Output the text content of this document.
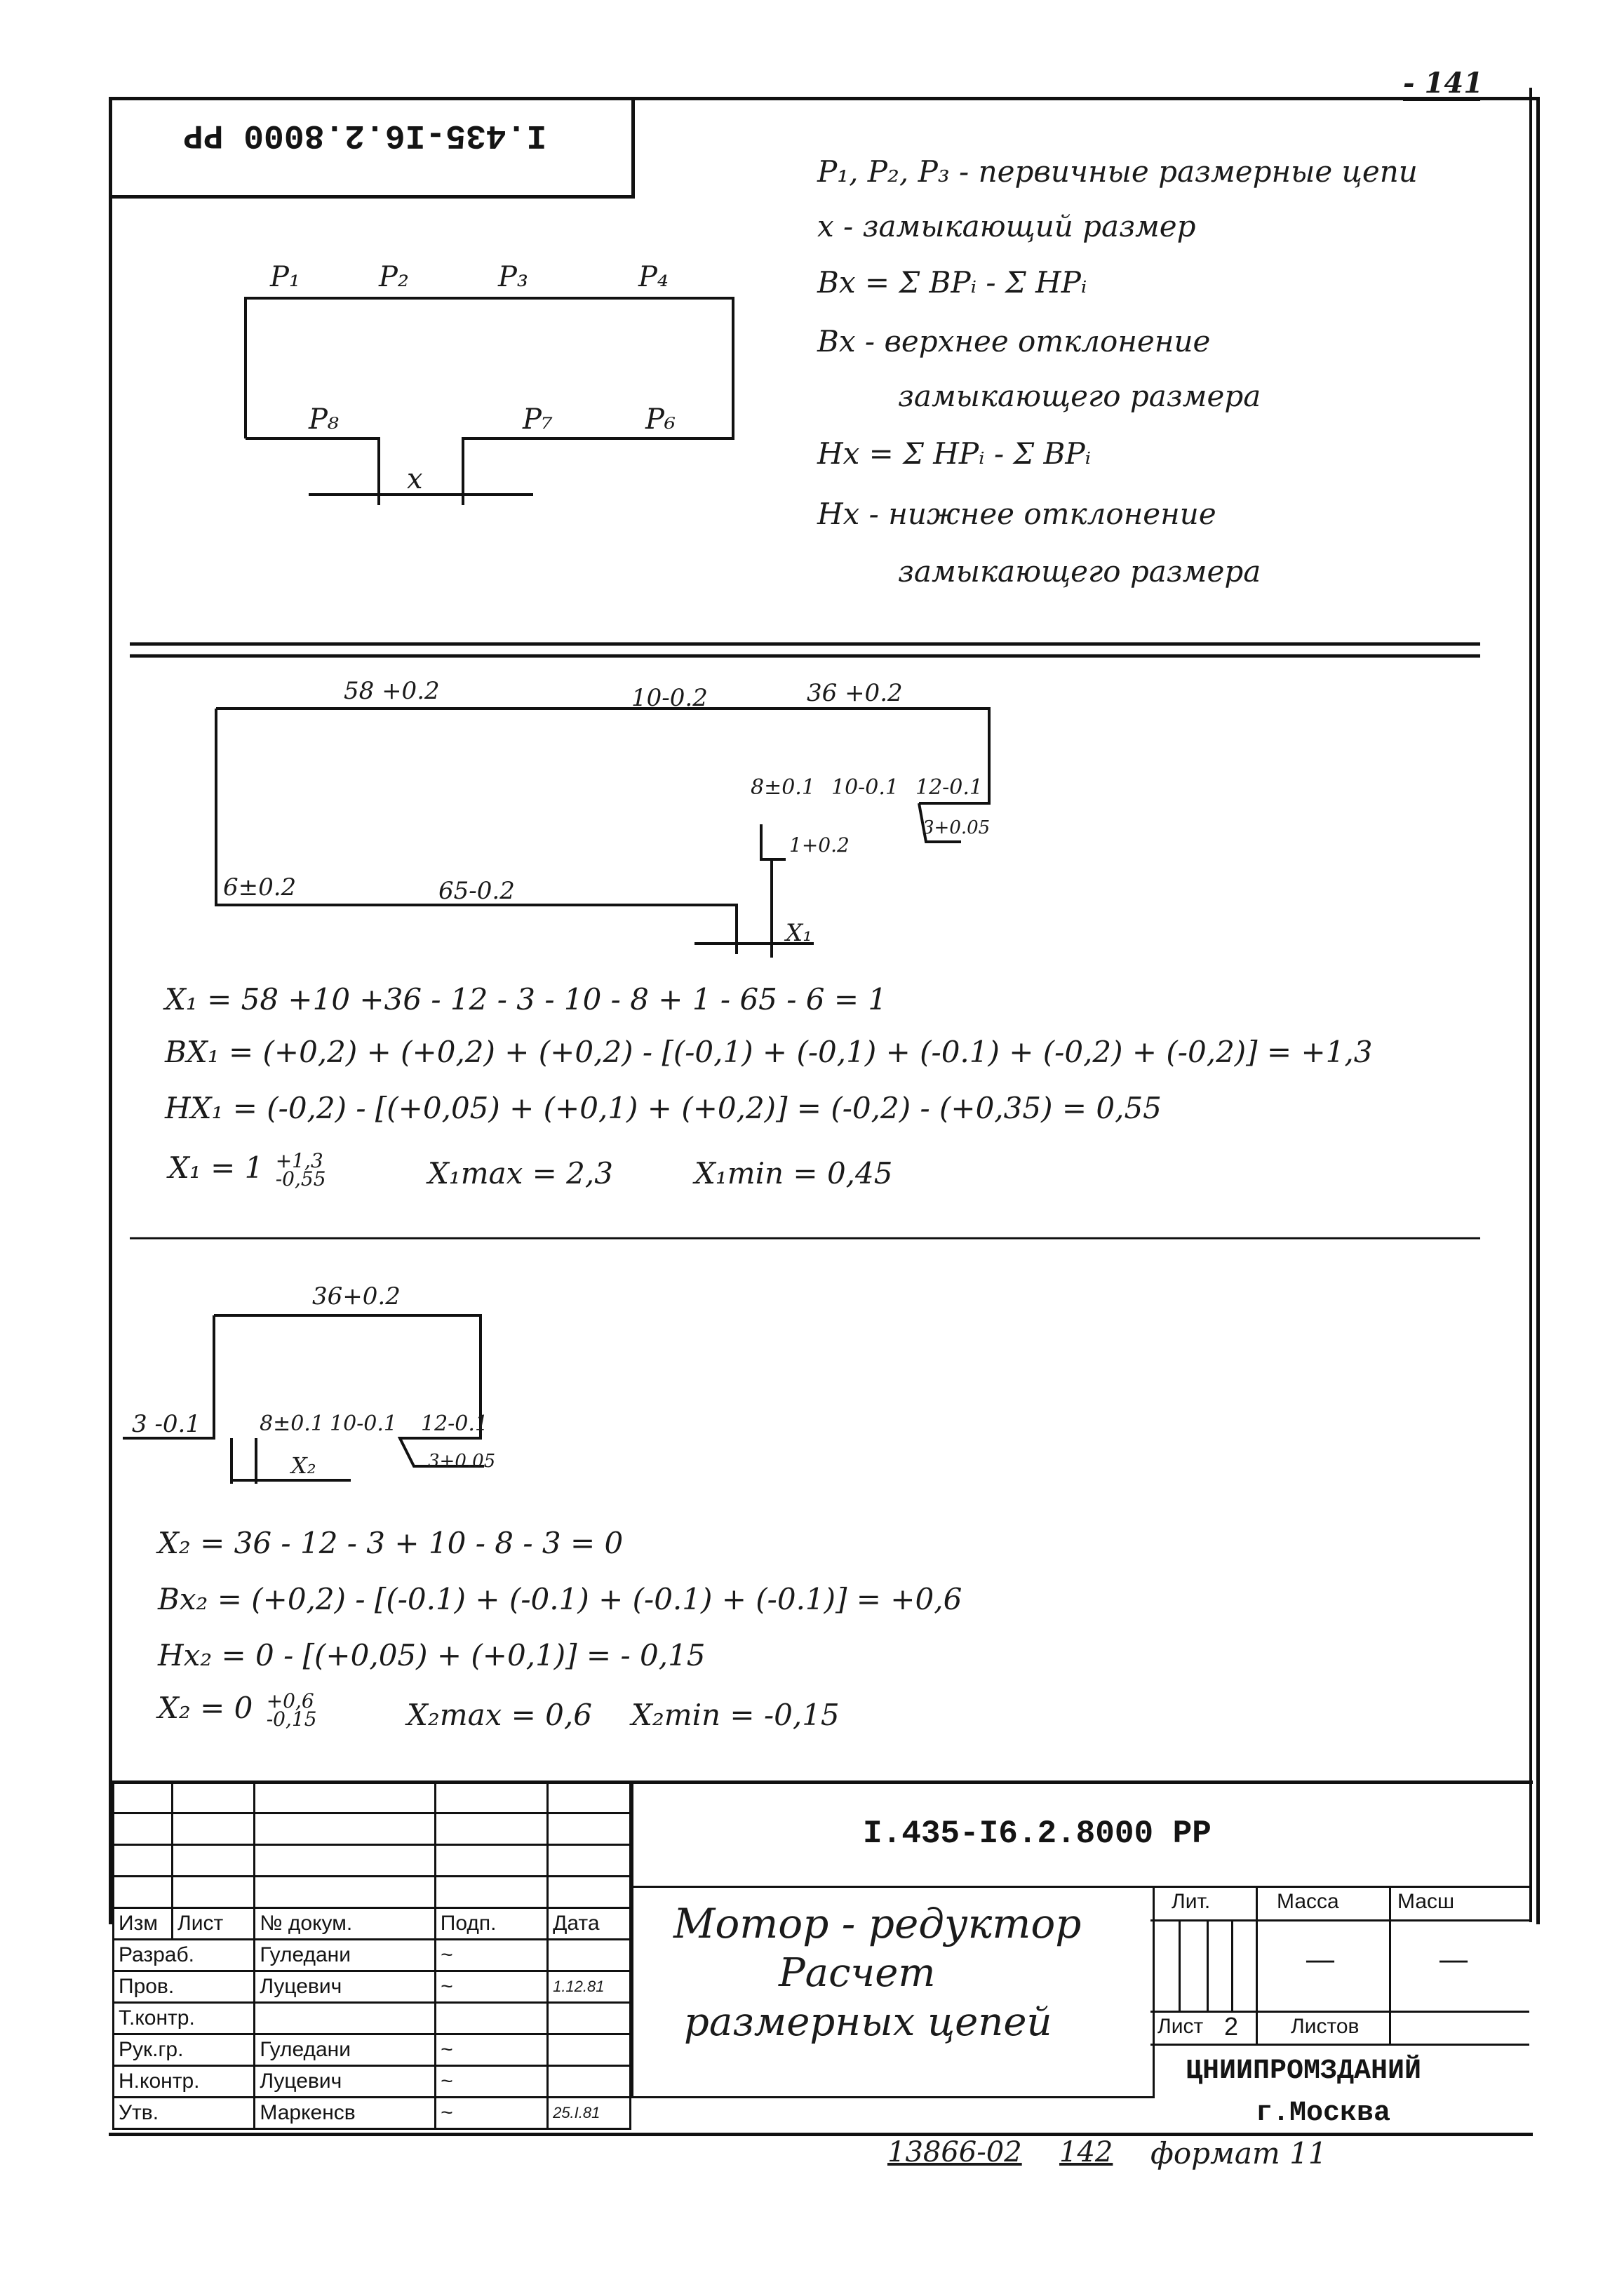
- 141
I.435-I6.2.8000 PP
P₁, P₂, P₃ - первичные размерные цепи
x - замыкающий размер
Bx = Σ BPᵢ - Σ HPᵢ
Bx - верхнее отклонение
замыкающего размера
Hx = Σ HPᵢ - Σ BPᵢ
Hx - нижнее отклонение
замыкающего размера
P₁	P₂	P₃	P₄
P₈	P₇	P₆
x
58 +0.2	10-0.2	36 +0.2
8±0.1 10-0.1 12-0.1
3+0.05
1+0.2
6±0.2	65-0.2
X₁
X₁ = 58 +10 +36 - 12 - 3 - 10 - 8 + 1 - 65 - 6 = 1
BX₁ = (+0,2) + (+0,2) + (+0,2) - [(-0,1) + (-0,1) + (-0.1) + (-0,2) + (-0,2)] = +1,3
HX₁ = (-0,2) - [(+0,05) + (+0,1) + (+0,2)] = (-0,2) - (+0,35) = 0,55
X₁ = 1 +1,3
-0,55	X₁max = 2,3	X₁min = 0,45
36+0.2
3 -0.1	8±0.1 10-0.1 12-0.1
3+0.05
X₂
X₂ = 36 - 12 - 3 + 10 - 8 - 3 = 0
Bx₂ = (+0,2) - [(-0.1) + (-0.1) + (-0.1) + (-0.1)] = +0,6
Hx₂ = 0 - [(+0,05) + (+0,1)] = - 0,15
X₂ = 0 +0,6
-0,15	X₂max = 0,6 X₂min = -0,15

Изм	Лист	№ докум.	Подп.	Дата
Разраб.		Гуледани	~	
Пров.		Луцевич	~	1.12.81
Т.контр.				
Рук.гр.		Гуледани	~	
Н.контр.		Луцевич	~	
Утв.		Маркенсв	~	25.I.81
I.435-I6.2.8000 PP
Мотор - редуктор
Расчет
размерных цепей
Лит.	Масса	Масш
—	—
Лист 2 Листов
ЦНИИПРОМЗДАНИЙ
г.Москва
13866-02 142 формат 11
